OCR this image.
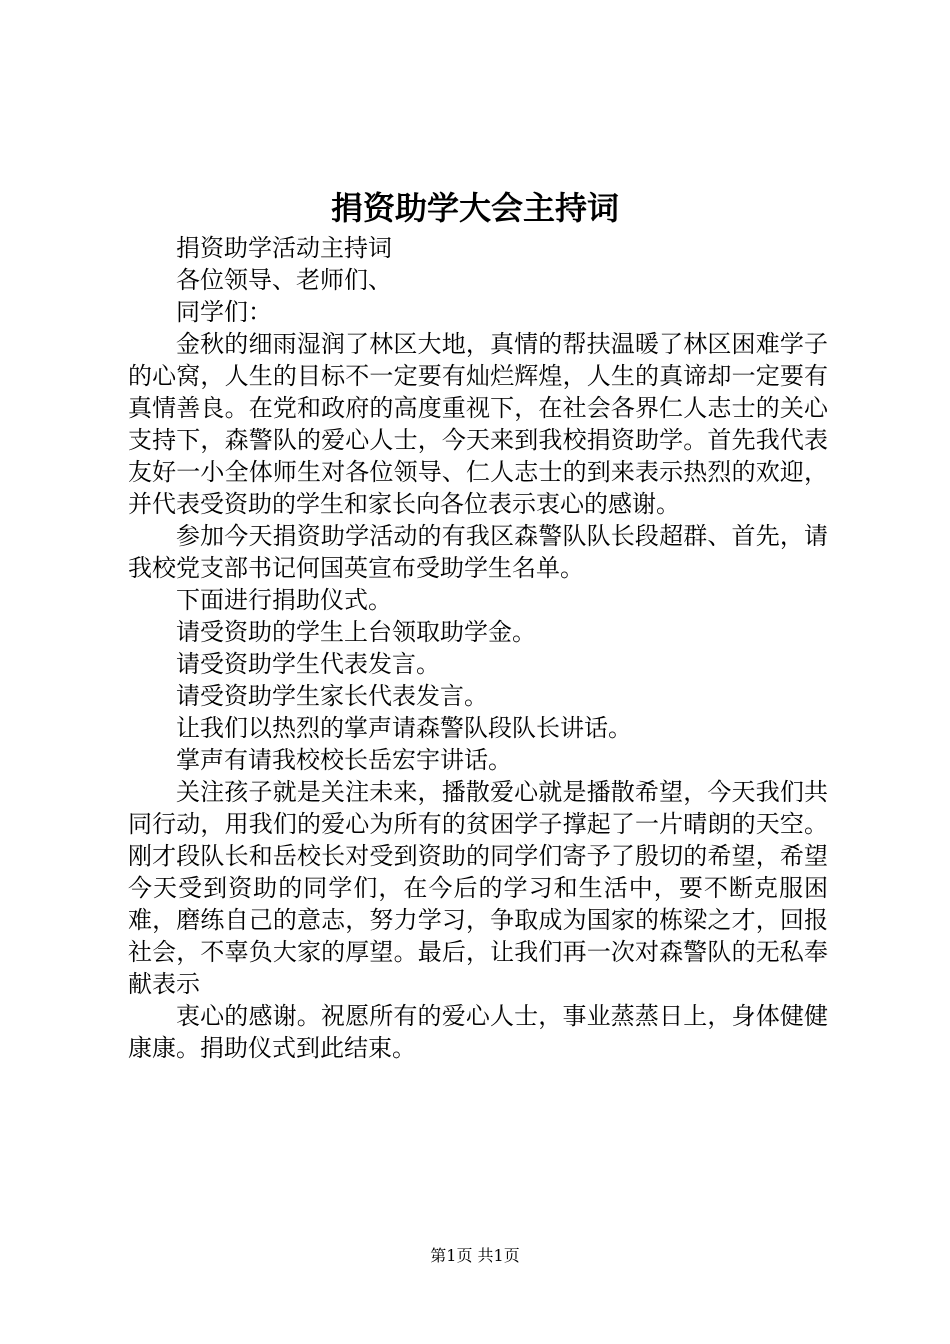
捐资助学大会主持词

捐资助学活动主持词

各位领导、老师们、

同学们：

金秋的细雨湿润了林区大地，真情的帮扶温暖了林区困难学子的心窝，人生的目标不一定要有灿烂辉煌，人生的真谛却一定要有真情善良。在党和政府的高度重视下，在社会各界仁人志士的关心支持下，森警队的爱心人士，今天来到我校捐资助学。首先我代表友好一小全体师生对各位领导、仁人志士的到来表示热烈的欢迎，并代表受资助的学生和家长向各位表示衷心的感谢。

参加今天捐资助学活动的有我区森警队队长段超群、首先，请我校党支部书记何国英宣布受助学生名单。

下面进行捐助仪式。

请受资助的学生上台领取助学金。

请受资助学生代表发言。

请受资助学生家长代表发言。

让我们以热烈的掌声请森警队段队长讲话。

掌声有请我校校长岳宏宇讲话。

关注孩子就是关注未来，播散爱心就是播散希望，今天我们共同行动，用我们的爱心为所有的贫困学子撑起了一片晴朗的天空。刚才段队长和岳校长对受到资助的同学们寄予了殷切的希望，希望今天受到资助的同学们，在今后的学习和生活中，要不断克服困难，磨练自己的意志，努力学习，争取成为国家的栋梁之才，回报社会，不辜负大家的厚望。最后，让我们再一次对森警队的无私奉献表示

衷心的感谢。祝愿所有的爱心人士，事业蒸蒸日上，身体健健康康。捐助仪式到此结束。

第1页 共1页
